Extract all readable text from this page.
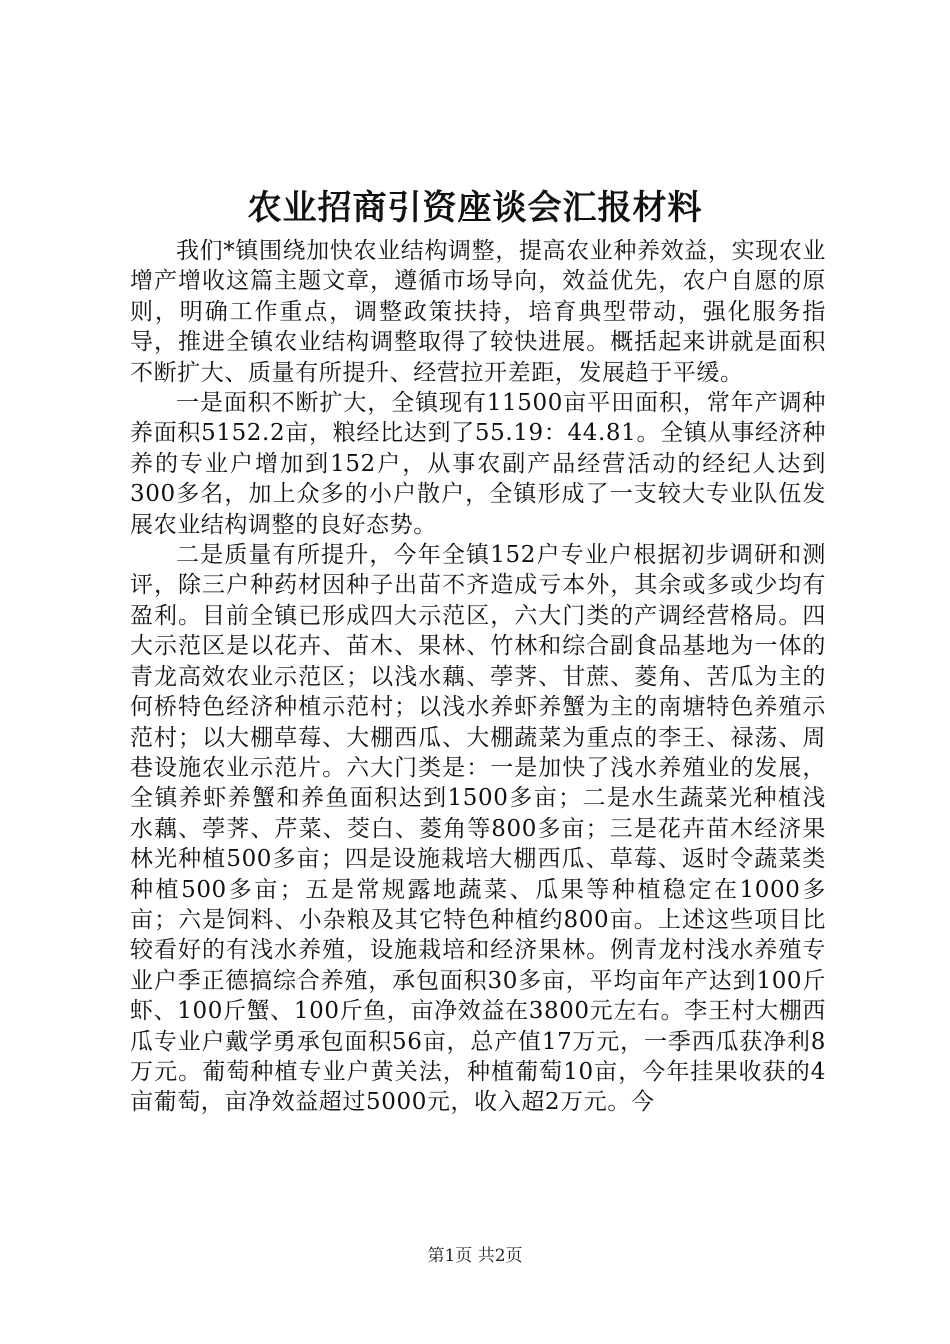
农业招商引资座谈会汇报材料

我们*镇围绕加快农业结构调整，提高农业种养效益，实现农业增产增收这篇主题文章，遵循市场导向，效益优先，农户自愿的原则，明确工作重点，调整政策扶持，培育典型带动，强化服务指导，推进全镇农业结构调整取得了较快进展。概括起来讲就是面积不断扩大、质量有所提升、经营拉开差距，发展趋于平缓。

一是面积不断扩大，全镇现有11500亩平田面积，常年产调种养面积5152.2亩，粮经比达到了55.19：44.81。全镇从事经济种养的专业户增加到152户，从事农副产品经营活动的经纪人达到300多名，加上众多的小户散户，全镇形成了一支较大专业队伍发展农业结构调整的良好态势。

二是质量有所提升，今年全镇152户专业户根据初步调研和测评，除三户种药材因种子出苗不齐造成亏本外，其余或多或少均有盈利。目前全镇已形成四大示范区，六大门类的产调经营格局。四大示范区是以花卉、苗木、果林、竹林和综合副食品基地为一体的青龙高效农业示范区；以浅水藕、荸荠、甘蔗、菱角、苦瓜为主的何桥特色经济种植示范村；以浅水养虾养蟹为主的南塘特色养殖示范村；以大棚草莓、大棚西瓜、大棚蔬菜为重点的李王、禄荡、周巷设施农业示范片。六大门类是：一是加快了浅水养殖业的发展，全镇养虾养蟹和养鱼面积达到1500多亩；二是水生蔬菜光种植浅水藕、荸荠、芹菜、茭白、菱角等800多亩；三是花卉苗木经济果林光种植500多亩；四是设施栽培大棚西瓜、草莓、返时令蔬菜类种植500多亩；五是常规露地蔬菜、瓜果等种植稳定在1000多亩；六是饲料、小杂粮及其它特色种植约800亩。上述这些项目比较看好的有浅水养殖，设施栽培和经济果林。例青龙村浅水养殖专业户季正德搞综合养殖，承包面积30多亩，平均亩年产达到100斤虾、100斤蟹、100斤鱼，亩净效益在3800元左右。李王村大棚西瓜专业户戴学勇承包面积56亩，总产值17万元，一季西瓜获净利8万元。葡萄种植专业户黄关法，种植葡萄10亩，今年挂果收获的4亩葡萄，亩净效益超过5000元，收入超2万元。今

第1页 共2页
